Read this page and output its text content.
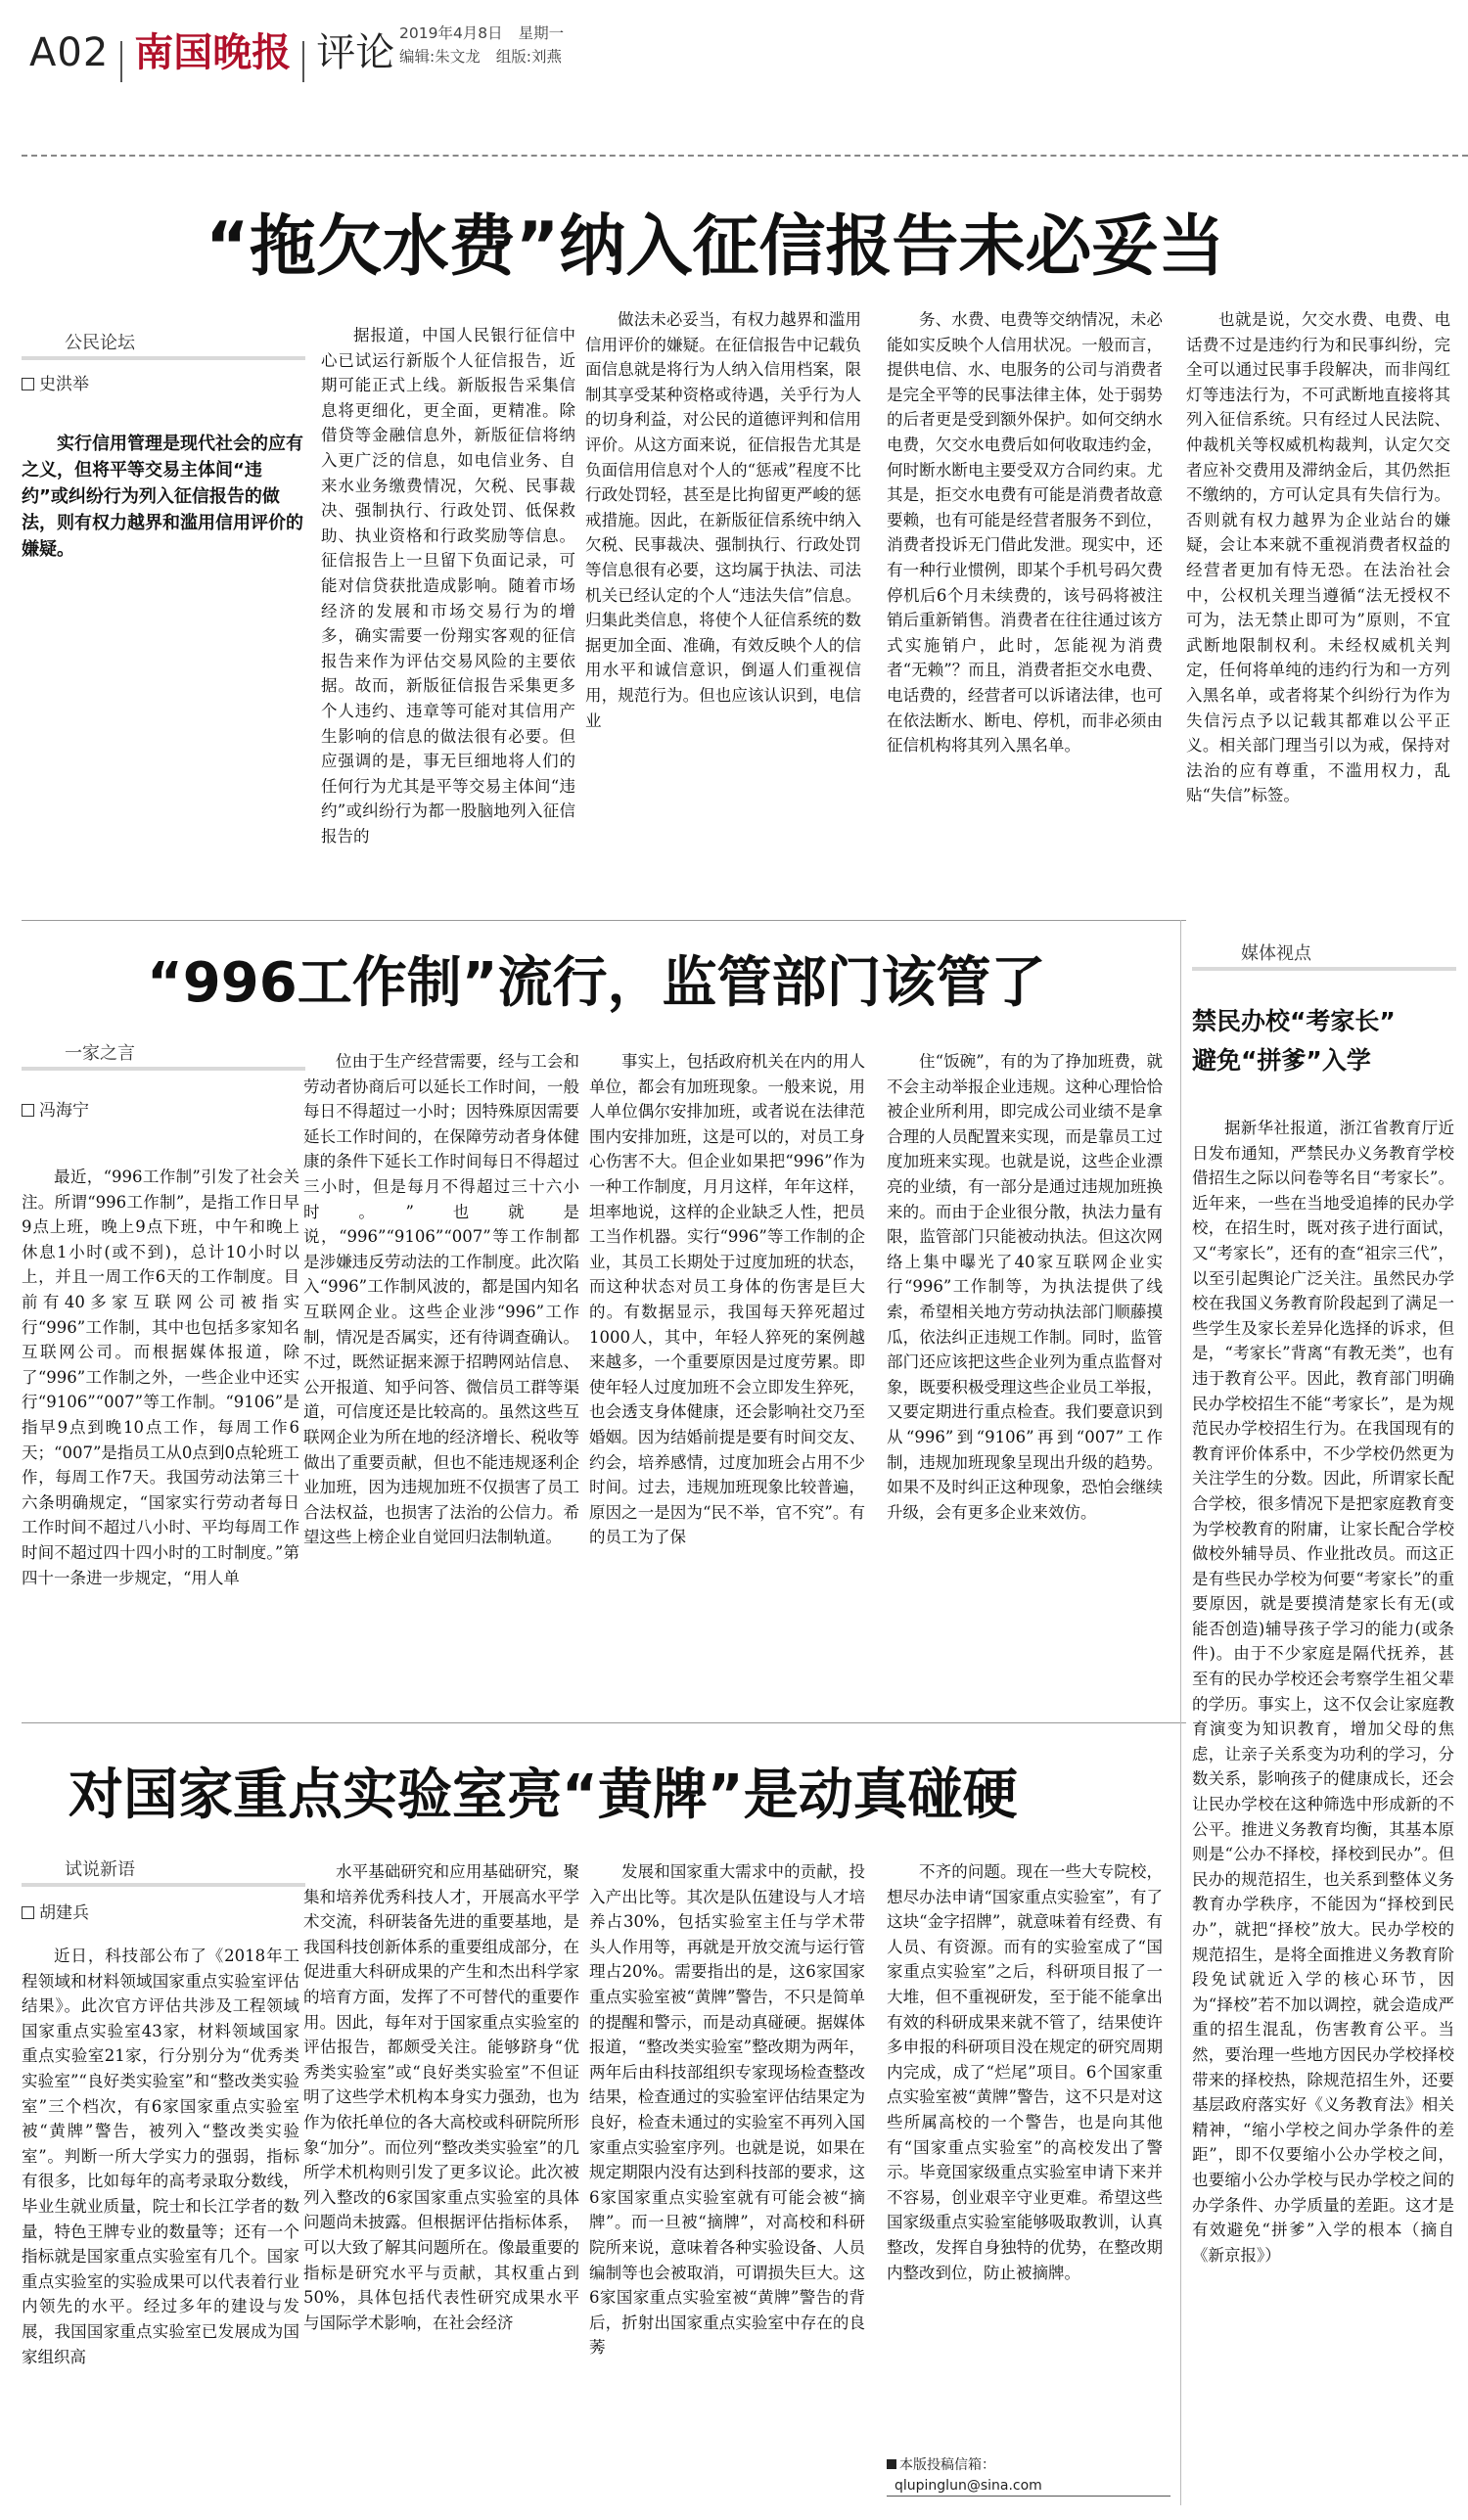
A02 南国晚报 评论 2019年4月8日 星期一
编辑:朱文龙 组版:刘燕
“拖欠水费”纳入征信报告未必妥当
公民论坛
史洪举
实行信用管理是现代社会的应有之义，但将平等交易主体间“违约”或纠纷行为列入征信报告的做法，则有权力越界和滥用信用评价的嫌疑。

据报道，中国人民银行征信中心已试运行新版个人征信报告，近期可能正式上线。新版报告采集信息将更细化，更全面，更精准。除借贷等金融信息外，新版征信将纳入更广泛的信息，如电信业务、自来水业务缴费情况，欠税、民事裁决、强制执行、行政处罚、低保救助、执业资格和行政奖励等信息。征信报告上一旦留下负面记录，可能对信贷获批造成影响。随着市场经济的发展和市场交易行为的增多，确实需要一份翔实客观的征信报告来作为评估交易风险的主要依据。故而，新版征信报告采集更多个人违约、违章等可能对其信用产生影响的信息的做法很有必要。但应强调的是，事无巨细地将人们的任何行为尤其是平等交易主体间“违约”或纠纷行为都一股脑地列入征信报告的

做法未必妥当，有权力越界和滥用信用评价的嫌疑。在征信报告中记载负面信息就是将行为人纳入信用档案，限制其享受某种资格或待遇，关乎行为人的切身利益，对公民的道德评判和信用评价。从这方面来说，征信报告尤其是负面信用信息对个人的“惩戒”程度不比行政处罚轻，甚至是比拘留更严峻的惩戒措施。因此，在新版征信系统中纳入欠税、民事裁决、强制执行、行政处罚等信息很有必要，这均属于执法、司法机关已经认定的个人“违法失信”信息。归集此类信息，将使个人征信系统的数据更加全面、准确，有效反映个人的信用水平和诚信意识，倒逼人们重视信用，规范行为。但也应该认识到，电信业

务、水费、电费等交纳情况，未必能如实反映个人信用状况。一般而言，提供电信、水、电服务的公司与消费者是完全平等的民事法律主体，处于弱势的后者更是受到额外保护。如何交纳水电费，欠交水电费后如何收取违约金，何时断水断电主要受双方合同约束。尤其是，拒交水电费有可能是消费者故意要赖，也有可能是经营者服务不到位，消费者投诉无门借此发泄。现实中，还有一种行业惯例，即某个手机号码欠费停机后6个月未续费的，该号码将被注销后重新销售。消费者在往往通过该方式实施销户，此时，怎能视为消费者“无赖”？而且，消费者拒交水电费、电话费的，经营者可以诉诸法律，也可在依法断水、断电、停机，而非必须由征信机构将其列入黑名单。

也就是说，欠交水费、电费、电话费不过是违约行为和民事纠纷，完全可以通过民事手段解决，而非闯红灯等违法行为，不可武断地直接将其列入征信系统。只有经过人民法院、仲裁机关等权威机构裁判，认定欠交者应补交费用及滞纳金后，其仍然拒不缴纳的，方可认定具有失信行为。否则就有权力越界为企业站台的嫌疑，会让本来就不重视消费者权益的经营者更加有恃无恐。在法治社会中，公权机关理当遵循“法无授权不可为，法无禁止即可为”原则，不宜武断地限制权利。未经权威机关判定，任何将单纯的违约行为和一方列入黑名单，或者将某个纠纷行为作为失信污点予以记载其都难以公平正义。相关部门理当引以为戒，保持对法治的应有尊重，不滥用权力，乱贴“失信”标签。

“996工作制”流行，监管部门该管了
一家之言
冯海宁

最近，“996工作制”引发了社会关注。所谓“996工作制”，是指工作日早9点上班，晚上9点下班，中午和晚上休息1小时(或不到)，总计10小时以上，并且一周工作6天的工作制度。目前有40多家互联网公司被指实行“996”工作制，其中也包括多家知名互联网公司。而根据媒体报道，除了“996”工作制之外，一些企业中还实行“9106”“007”等工作制。“9106”是指早9点到晚10点工作，每周工作6天；“007”是指员工从0点到0点轮班工作，每周工作7天。我国劳动法第三十六条明确规定，“国家实行劳动者每日工作时间不超过八小时、平均每周工作时间不超过四十四小时的工时制度。”第四十一条进一步规定，“用人单

位由于生产经营需要，经与工会和劳动者协商后可以延长工作时间，一般每日不得超过一小时；因特殊原因需要延长工作时间的，在保障劳动者身体健康的条件下延长工作时间每日不得超过三小时，但是每月不得超过三十六小时。”也就是说，“996”“9106”“007”等工作制都是涉嫌违反劳动法的工作制度。此次陷入“996”工作制风波的，都是国内知名互联网企业。这些企业涉“996”工作制，情况是否属实，还有待调查确认。不过，既然证据来源于招聘网站信息、公开报道、知乎问答、微信员工群等渠道，可信度还是比较高的。虽然这些互联网企业为所在地的经济增长、税收等做出了重要贡献，但也不能违规逐利企业加班，因为违规加班不仅损害了员工合法权益，也损害了法治的公信力。希望这些上榜企业自觉回归法制轨道。

事实上，包括政府机关在内的用人单位，都会有加班现象。一般来说，用人单位偶尔安排加班，或者说在法律范围内安排加班，这是可以的，对员工身心伤害不大。但企业如果把“996”作为一种工作制度，月月这样，年年这样，坦率地说，这样的企业缺乏人性，把员工当作机器。实行“996”等工作制的企业，其员工长期处于过度加班的状态，而这种状态对员工身体的伤害是巨大的。有数据显示，我国每天猝死超过1000人，其中，年轻人猝死的案例越来越多，一个重要原因是过度劳累。即使年轻人过度加班不会立即发生猝死，也会透支身体健康，还会影响社交乃至婚姻。因为结婚前提是要有时间交友、约会，培养感情，过度加班会占用不少时间。过去，违规加班现象比较普遍，原因之一是因为“民不举，官不究”。有的员工为了保

住“饭碗”，有的为了挣加班费，就不会主动举报企业违规。这种心理恰恰被企业所利用，即完成公司业绩不是拿合理的人员配置来实现，而是靠员工过度加班来实现。也就是说，这些企业漂亮的业绩，有一部分是通过违规加班换来的。而由于企业很分散，执法力量有限，监管部门只能被动执法。但这次网络上集中曝光了40家互联网企业实行“996”工作制等，为执法提供了线索，希望相关地方劳动执法部门顺藤摸瓜，依法纠正违规工作制。同时，监管部门还应该把这些企业列为重点监督对象，既要积极受理这些企业员工举报，又要定期进行重点检查。我们要意识到从“996”到“9106”再到“007”工作制，违规加班现象呈现出升级的趋势。如果不及时纠正这种现象，恐怕会继续升级，会有更多企业来效仿。

对国家重点实验室亮“黄牌”是动真碰硬
试说新语
胡建兵

近日，科技部公布了《2018年工程领域和材料领域国家重点实验室评估结果》。此次官方评估共涉及工程领域国家重点实验室43家，材料领域国家重点实验室21家，行分别分为“优秀类实验室”“良好类实验室”和“整改类实验室”三个档次，有6家国家重点实验室被“黄牌”警告，被列入“整改类实验室”。判断一所大学实力的强弱，指标有很多，比如每年的高考录取分数线，毕业生就业质量，院士和长江学者的数量，特色王牌专业的数量等；还有一个指标就是国家重点实验室有几个。国家重点实验室的实验成果可以代表着行业内领先的水平。经过多年的建设与发展，我国国家重点实验室已发展成为国家组织高

水平基础研究和应用基础研究，聚集和培养优秀科技人才，开展高水平学术交流，科研装备先进的重要基地，是我国科技创新体系的重要组成部分，在促进重大科研成果的产生和杰出科学家的培育方面，发挥了不可替代的重要作用。因此，每年对于国家重点实验室的评估报告，都颇受关注。能够跻身“优秀类实验室”或“良好类实验室”不但证明了这些学术机构本身实力强劲，也为作为依托单位的各大高校或科研院所形象“加分”。而位列“整改类实验室”的几所学术机构则引发了更多议论。此次被列入整改的6家国家重点实验室的具体问题尚未披露。但根据评估指标体系，可以大致了解其问题所在。像最重要的指标是研究水平与贡献，其权重占到50%，具体包括代表性研究成果水平与国际学术影响，在社会经济

发展和国家重大需求中的贡献，投入产出比等。其次是队伍建设与人才培养占30%，包括实验室主任与学术带头人作用等，再就是开放交流与运行管理占20%。需要指出的是，这6家国家重点实验室被“黄牌”警告，不只是简单的提醒和警示，而是动真碰硬。据媒体报道，“整改类实验室”整改期为两年，两年后由科技部组织专家现场检查整改结果，检查通过的实验室评估结果定为良好，检查未通过的实验室不再列入国家重点实验室序列。也就是说，如果在规定期限内没有达到科技部的要求，这6家国家重点实验室就有可能会被“摘牌”。而一旦被“摘牌”，对高校和科研院所来说，意味着各种实验设备、人员编制等也会被取消，可谓损失巨大。这6家国家重点实验室被“黄牌”警告的背后，折射出国家重点实验室中存在的良莠

不齐的问题。现在一些大专院校，想尽办法申请“国家重点实验室”，有了这块“金字招牌”，就意味着有经费、有人员、有资源。而有的实验室成了“国家重点实验室”之后，科研项目报了一大堆，但不重视研发，至于能不能拿出有效的科研成果来就不管了，结果使许多申报的科研项目没在规定的研究周期内完成，成了“烂尾”项目。6个国家重点实验室被“黄牌”警告，这不只是对这些所属高校的一个警告，也是向其他有“国家重点实验室”的高校发出了警示。毕竟国家级重点实验室申请下来并不容易，创业艰辛守业更难。希望这些国家级重点实验室能够吸取教训，认真整改，发挥自身独特的优势，在整改期内整改到位，防止被摘牌。

本版投稿信箱：
qlupinglun@sina.com
媒体视点
禁民办校“考家长”
避免“拼爹”入学

据新华社报道，浙江省教育厅近日发布通知，严禁民办义务教育学校借招生之际以问卷等名目“考家长”。近年来，一些在当地受追捧的民办学校，在招生时，既对孩子进行面试，又“考家长”，还有的查“祖宗三代”，以至引起舆论广泛关注。虽然民办学校在我国义务教育阶段起到了满足一些学生及家长差异化选择的诉求，但是，“考家长”背离“有教无类”，也有违于教育公平。因此，教育部门明确民办学校招生不能“考家长”，是为规范民办学校招生行为。在我国现有的教育评价体系中，不少学校仍然更为关注学生的分数。因此，所谓家长配合学校，很多情况下是把家庭教育变为学校教育的附庸，让家长配合学校做校外辅导员、作业批改员。而这正是有些民办学校为何要“考家长”的重要原因，就是要摸清楚家长有无(或能否创造)辅导孩子学习的能力(或条件)。由于不少家庭是隔代抚养，甚至有的民办学校还会考察学生祖父辈的学历。事实上，这不仅会让家庭教育演变为知识教育，增加父母的焦虑，让亲子关系变为功利的学习，分数关系，影响孩子的健康成长，还会让民办学校在这种筛选中形成新的不公平。推进义务教育均衡，其基本原则是“公办不择校，择校到民办”。但民办的规范招生，也关系到整体义务教育办学秩序，不能因为“择校到民办”，就把“择校”放大。民办学校的规范招生，是将全面推进义务教育阶段免试就近入学的核心环节，因为“择校”若不加以调控，就会造成严重的招生混乱，伤害教育公平。当然，要治理一些地方因民办学校择校带来的择校热，除规范招生外，还要基层政府落实好《义务教育法》相关精神，“缩小学校之间办学条件的差距”，即不仅要缩小公办学校之间，也要缩小公办学校与民办学校之间的办学条件、办学质量的差距。这才是有效避免“拼爹”入学的根本（摘自《新京报》）
